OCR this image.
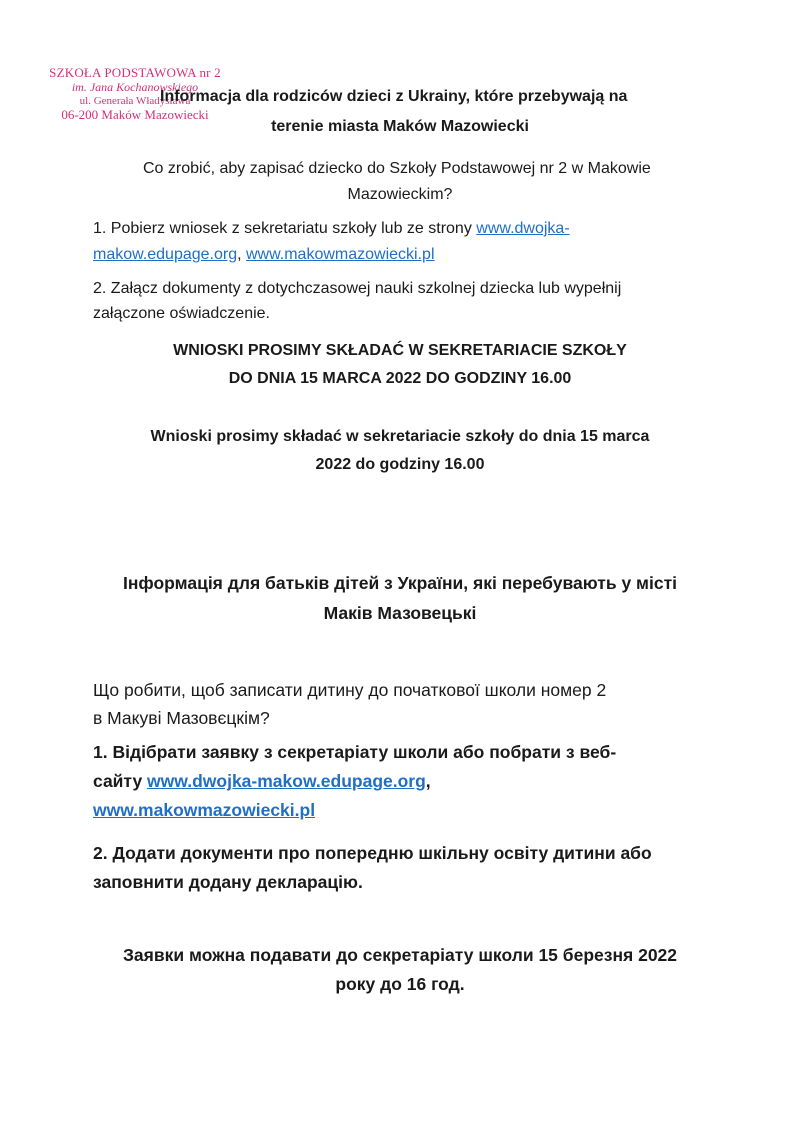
SZKOŁA PODSTAWOWA nr 2
im. Jana Kochanowskiego
ul. Generała Władysława
06-200 Maków Mazowiecki
Informacja dla rodziców dzieci z Ukrainy, które przebywają na
terenie miasta Maków Mazowiecki
Co zrobić, aby zapisać dziecko do Szkoły Podstawowej nr 2 w Makowie
Mazowieckim?
1. Pobierz wniosek z sekretariatu szkoły lub ze strony www.dwojka-
makow.edupage.org, www.makowmazowiecki.pl
2. Załącz dokumenty z dotychczasowej nauki szkolnej dziecka lub wypełnij
załączone oświadczenie.
WNIOSKI PROSIMY SKŁADAĆ W SEKRETARIACIE SZKOŁY
DO DNIA 15 MARCA 2022 DO GODZINY 16.00
Wnioski prosimy składać w sekretariacie szkoły do dnia 15 marca
2022 do godziny 16.00
Інформація для батьків дітей з України, які перебувають у місті
Маків Мазовецькі
Що робити, щоб записати дитину до початкової школи номер 2
в Макуві Мазовєцкім?
1. Відібрати заявку з секретаріату школи або побрати з веб-
сайту www.dwojka-makow.edupage.org,
www.makowmazowiecki.pl
2. Додати документи про попередню шкільну освіту дитини або
заповнити додану декларацію.
Заявки можна подавати до секретаріату школи 15 березня 2022
року до 16 год.
